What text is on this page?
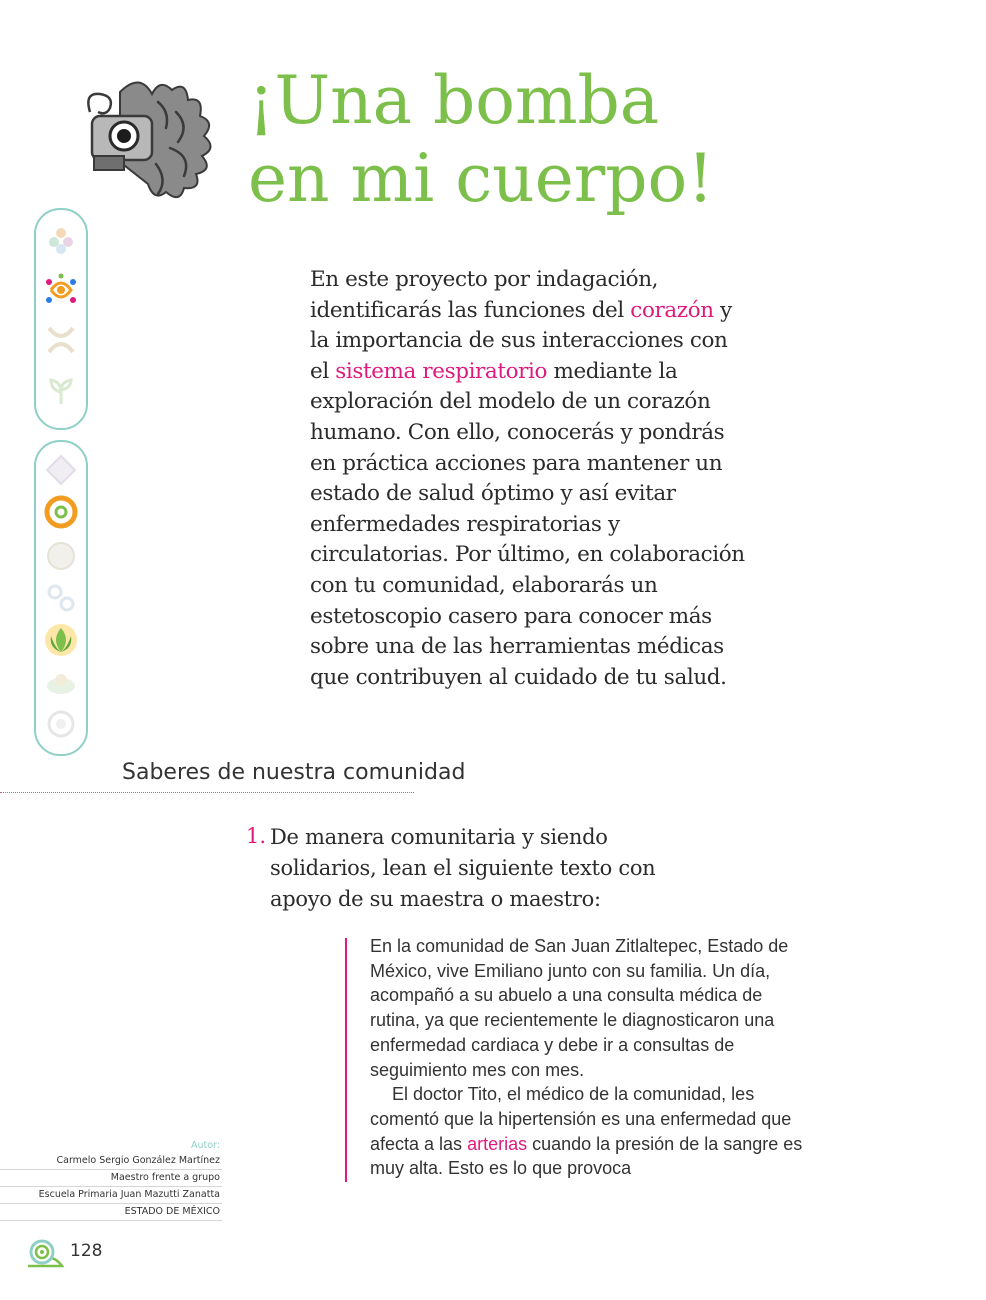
¡Una bomba
en mi cuerpo!
En este proyecto por indagación, identificarás las funciones del corazón y la importancia de sus interacciones con el sistema respiratorio mediante la exploración del modelo de un corazón humano. Con ello, conocerás y pondrás en práctica acciones para mantener un estado de salud óptimo y así evitar enfermedades respiratorias y circulatorias. Por último, en colaboración con tu comunidad, elaborarás un estetoscopio casero para conocer más sobre una de las herramientas médicas que contribuyen al cuidado de tu salud.
Saberes de nuestra comunidad
1. De manera comunitaria y siendo solidarios, lean el siguiente texto con apoyo de su maestra o maestro:

En la comunidad de San Juan Zitlaltepec, Estado de México, vive Emiliano junto con su familia. Un día, acompañó a su abuelo a una consulta médica de rutina, ya que recientemente le diagnosticaron una enfermedad cardiaca y debe ir a consultas de seguimiento mes con mes.

El doctor Tito, el médico de la comunidad, les comentó que la hipertensión es una enfermedad que afecta a las arterias cuando la presión de la sangre es muy alta. Esto es lo que provoca

Autor:
Carmelo Sergio González Martínez
Maestro frente a grupo
Escuela Primaria Juan Mazutti Zanatta
ESTADO DE MÉXICO
128
